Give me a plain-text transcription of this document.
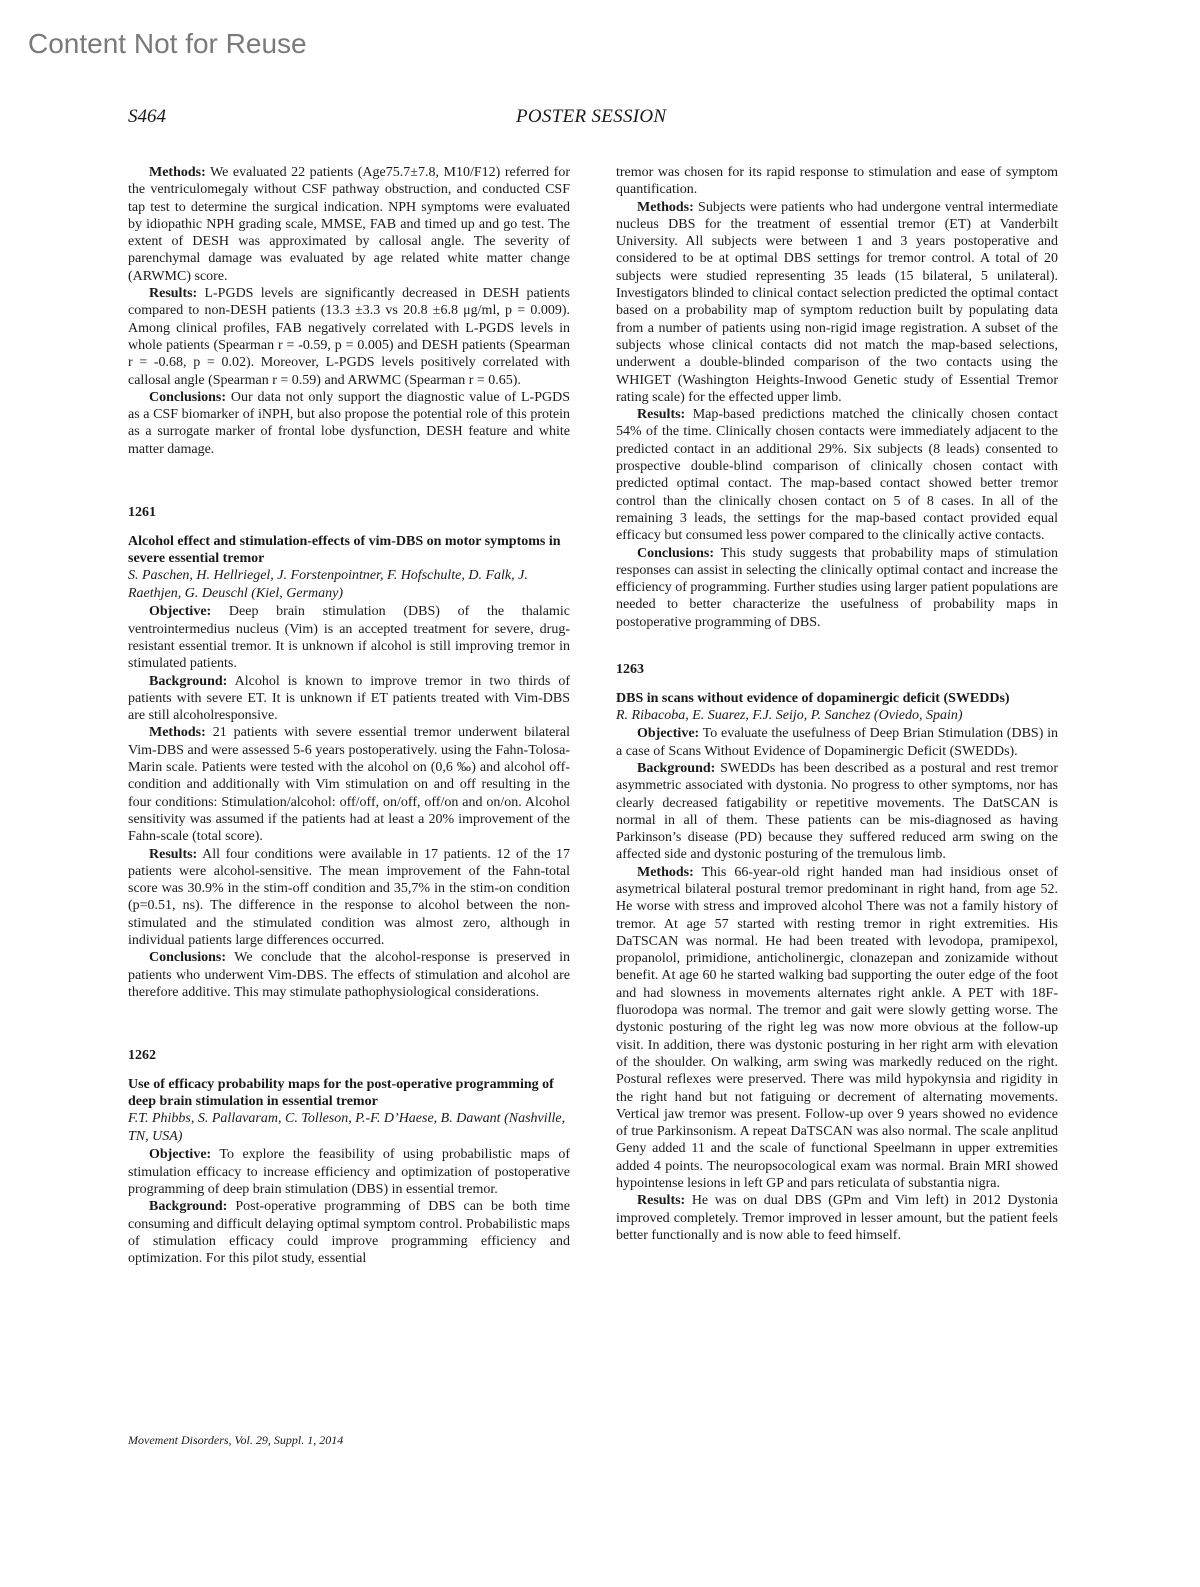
Content Not for Reuse
S464	POSTER SESSION

Methods: We evaluated 22 patients (Age75.7±7.8, M10/F12) referred for the ventriculomegaly without CSF pathway obstruction, and conducted CSF tap test to determine the surgical indication. NPH symptoms were evaluated by idiopathic NPH grading scale, MMSE, FAB and timed up and go test. The extent of DESH was approximated by callosal angle. The severity of parenchymal damage was evaluated by age related white matter change (ARWMC) score.

Results: L-PGDS levels are significantly decreased in DESH patients compared to non-DESH patients (13.3 ±3.3 vs 20.8 ±6.8 μg/ml, p = 0.009). Among clinical profiles, FAB negatively correlated with L-PGDS levels in whole patients (Spearman r = -0.59, p = 0.005) and DESH patients (Spearman r = -0.68, p = 0.02). Moreover, L-PGDS levels positively correlated with callosal angle (Spearman r = 0.59) and ARWMC (Spearman r = 0.65).

Conclusions: Our data not only support the diagnostic value of L-PGDS as a CSF biomarker of iNPH, but also propose the potential role of this protein as a surrogate marker of frontal lobe dysfunction, DESH feature and white matter damage.

1261

Alcohol effect and stimulation-effects of vim-DBS on motor symptoms in severe essential tremor

S. Paschen, H. Hellriegel, J. Forstenpointner, F. Hofschulte, D. Falk, J. Raethjen, G. Deuschl (Kiel, Germany)

Objective: Deep brain stimulation (DBS) of the thalamic ventrointermedius nucleus (Vim) is an accepted treatment for severe, drug-resistant essential tremor. It is unknown if alcohol is still improving tremor in stimulated patients.

Background: Alcohol is known to improve tremor in two thirds of patients with severe ET. It is unknown if ET patients treated with Vim-DBS are still alcoholresponsive.

Methods: 21 patients with severe essential tremor underwent bilateral Vim-DBS and were assessed 5-6 years postoperatively. using the Fahn-Tolosa-Marin scale. Patients were tested with the alcohol on (0,6 ‰) and alcohol off-condition and additionally with Vim stimulation on and off resulting in the four conditions: Stimulation/alcohol: off/off, on/off, off/on and on/on. Alcohol sensitivity was assumed if the patients had at least a 20% improvement of the Fahn-scale (total score).

Results: All four conditions were available in 17 patients. 12 of the 17 patients were alcohol-sensitive. The mean improvement of the Fahn-total score was 30.9% in the stim-off condition and 35,7% in the stim-on condition (p=0.51, ns). The difference in the response to alcohol between the non-stimulated and the stimulated condition was almost zero, although in individual patients large differences occurred.

Conclusions: We conclude that the alcohol-response is preserved in patients who underwent Vim-DBS. The effects of stimulation and alcohol are therefore additive. This may stimulate pathophysiological considerations.

1262

Use of efficacy probability maps for the post-operative programming of deep brain stimulation in essential tremor

F.T. Phibbs, S. Pallavaram, C. Tolleson, P.-F. D’Haese, B. Dawant (Nashville, TN, USA)

Objective: To explore the feasibility of using probabilistic maps of stimulation efficacy to increase efficiency and optimization of postoperative programming of deep brain stimulation (DBS) in essential tremor.

Background: Post-operative programming of DBS can be both time consuming and difficult delaying optimal symptom control. Probabilistic maps of stimulation efficacy could improve programming efficiency and optimization. For this pilot study, essential

tremor was chosen for its rapid response to stimulation and ease of symptom quantification.

Methods: Subjects were patients who had undergone ventral intermediate nucleus DBS for the treatment of essential tremor (ET) at Vanderbilt University. All subjects were between 1 and 3 years postoperative and considered to be at optimal DBS settings for tremor control. A total of 20 subjects were studied representing 35 leads (15 bilateral, 5 unilateral). Investigators blinded to clinical contact selection predicted the optimal contact based on a probability map of symptom reduction built by populating data from a number of patients using non-rigid image registration. A subset of the subjects whose clinical contacts did not match the map-based selections, underwent a double-blinded comparison of the two contacts using the WHIGET (Washington Heights-Inwood Genetic study of Essential Tremor rating scale) for the effected upper limb.

Results: Map-based predictions matched the clinically chosen contact 54% of the time. Clinically chosen contacts were immediately adjacent to the predicted contact in an additional 29%. Six subjects (8 leads) consented to prospective double-blind comparison of clinically chosen contact with predicted optimal contact. The map-based contact showed better tremor control than the clinically chosen contact on 5 of 8 cases. In all of the remaining 3 leads, the settings for the map-based contact provided equal efficacy but consumed less power compared to the clinically active contacts.

Conclusions: This study suggests that probability maps of stimulation responses can assist in selecting the clinically optimal contact and increase the efficiency of programming. Further studies using larger patient populations are needed to better characterize the usefulness of probability maps in postoperative programming of DBS.

1263

DBS in scans without evidence of dopaminergic deficit (SWEDDs)

R. Ribacoba, E. Suarez, F.J. Seijo, P. Sanchez (Oviedo, Spain)

Objective: To evaluate the usefulness of Deep Brian Stimulation (DBS) in a case of Scans Without Evidence of Dopaminergic Deficit (SWEDDs).

Background: SWEDDs has been described as a postural and rest tremor asymmetric associated with dystonia. No progress to other symptoms, nor has clearly decreased fatigability or repetitive movements. The DatSCAN is normal in all of them. These patients can be mis-diagnosed as having Parkinson’s disease (PD) because they suffered reduced arm swing on the affected side and dystonic posturing of the tremulous limb.

Methods: This 66-year-old right handed man had insidious onset of asymetrical bilateral postural tremor predominant in right hand, from age 52. He worse with stress and improved alcohol There was not a family history of tremor. At age 57 started with resting tremor in right extremities. His DaTSCAN was normal. He had been treated with levodopa, pramipexol, propanolol, primidione, anticholinergic, clonazepan and zonizamide without benefit. At age 60 he started walking bad supporting the outer edge of the foot and had slowness in movements alternates right ankle. A PET with 18F-fluorodopa was normal. The tremor and gait were slowly getting worse. The dystonic posturing of the right leg was now more obvious at the follow-up visit. In addition, there was dystonic posturing in her right arm with elevation of the shoulder. On walking, arm swing was markedly reduced on the right. Postural reflexes were preserved. There was mild hypokynsia and rigidity in the right hand but not fatiguing or decrement of alternating movements. Vertical jaw tremor was present. Follow-up over 9 years showed no evidence of true Parkinsonism. A repeat DaTSCAN was also normal. The scale anplitud Geny added 11 and the scale of functional Speelmann in upper extremities added 4 points. The neuropsocological exam was normal. Brain MRI showed hypointense lesions in left GP and pars reticulata of substantia nigra.

Results: He was on dual DBS (GPm and Vim left) in 2012 Dystonia improved completely. Tremor improved in lesser amount, but the patient feels better functionally and is now able to feed himself.

Movement Disorders, Vol. 29, Suppl. 1, 2014
